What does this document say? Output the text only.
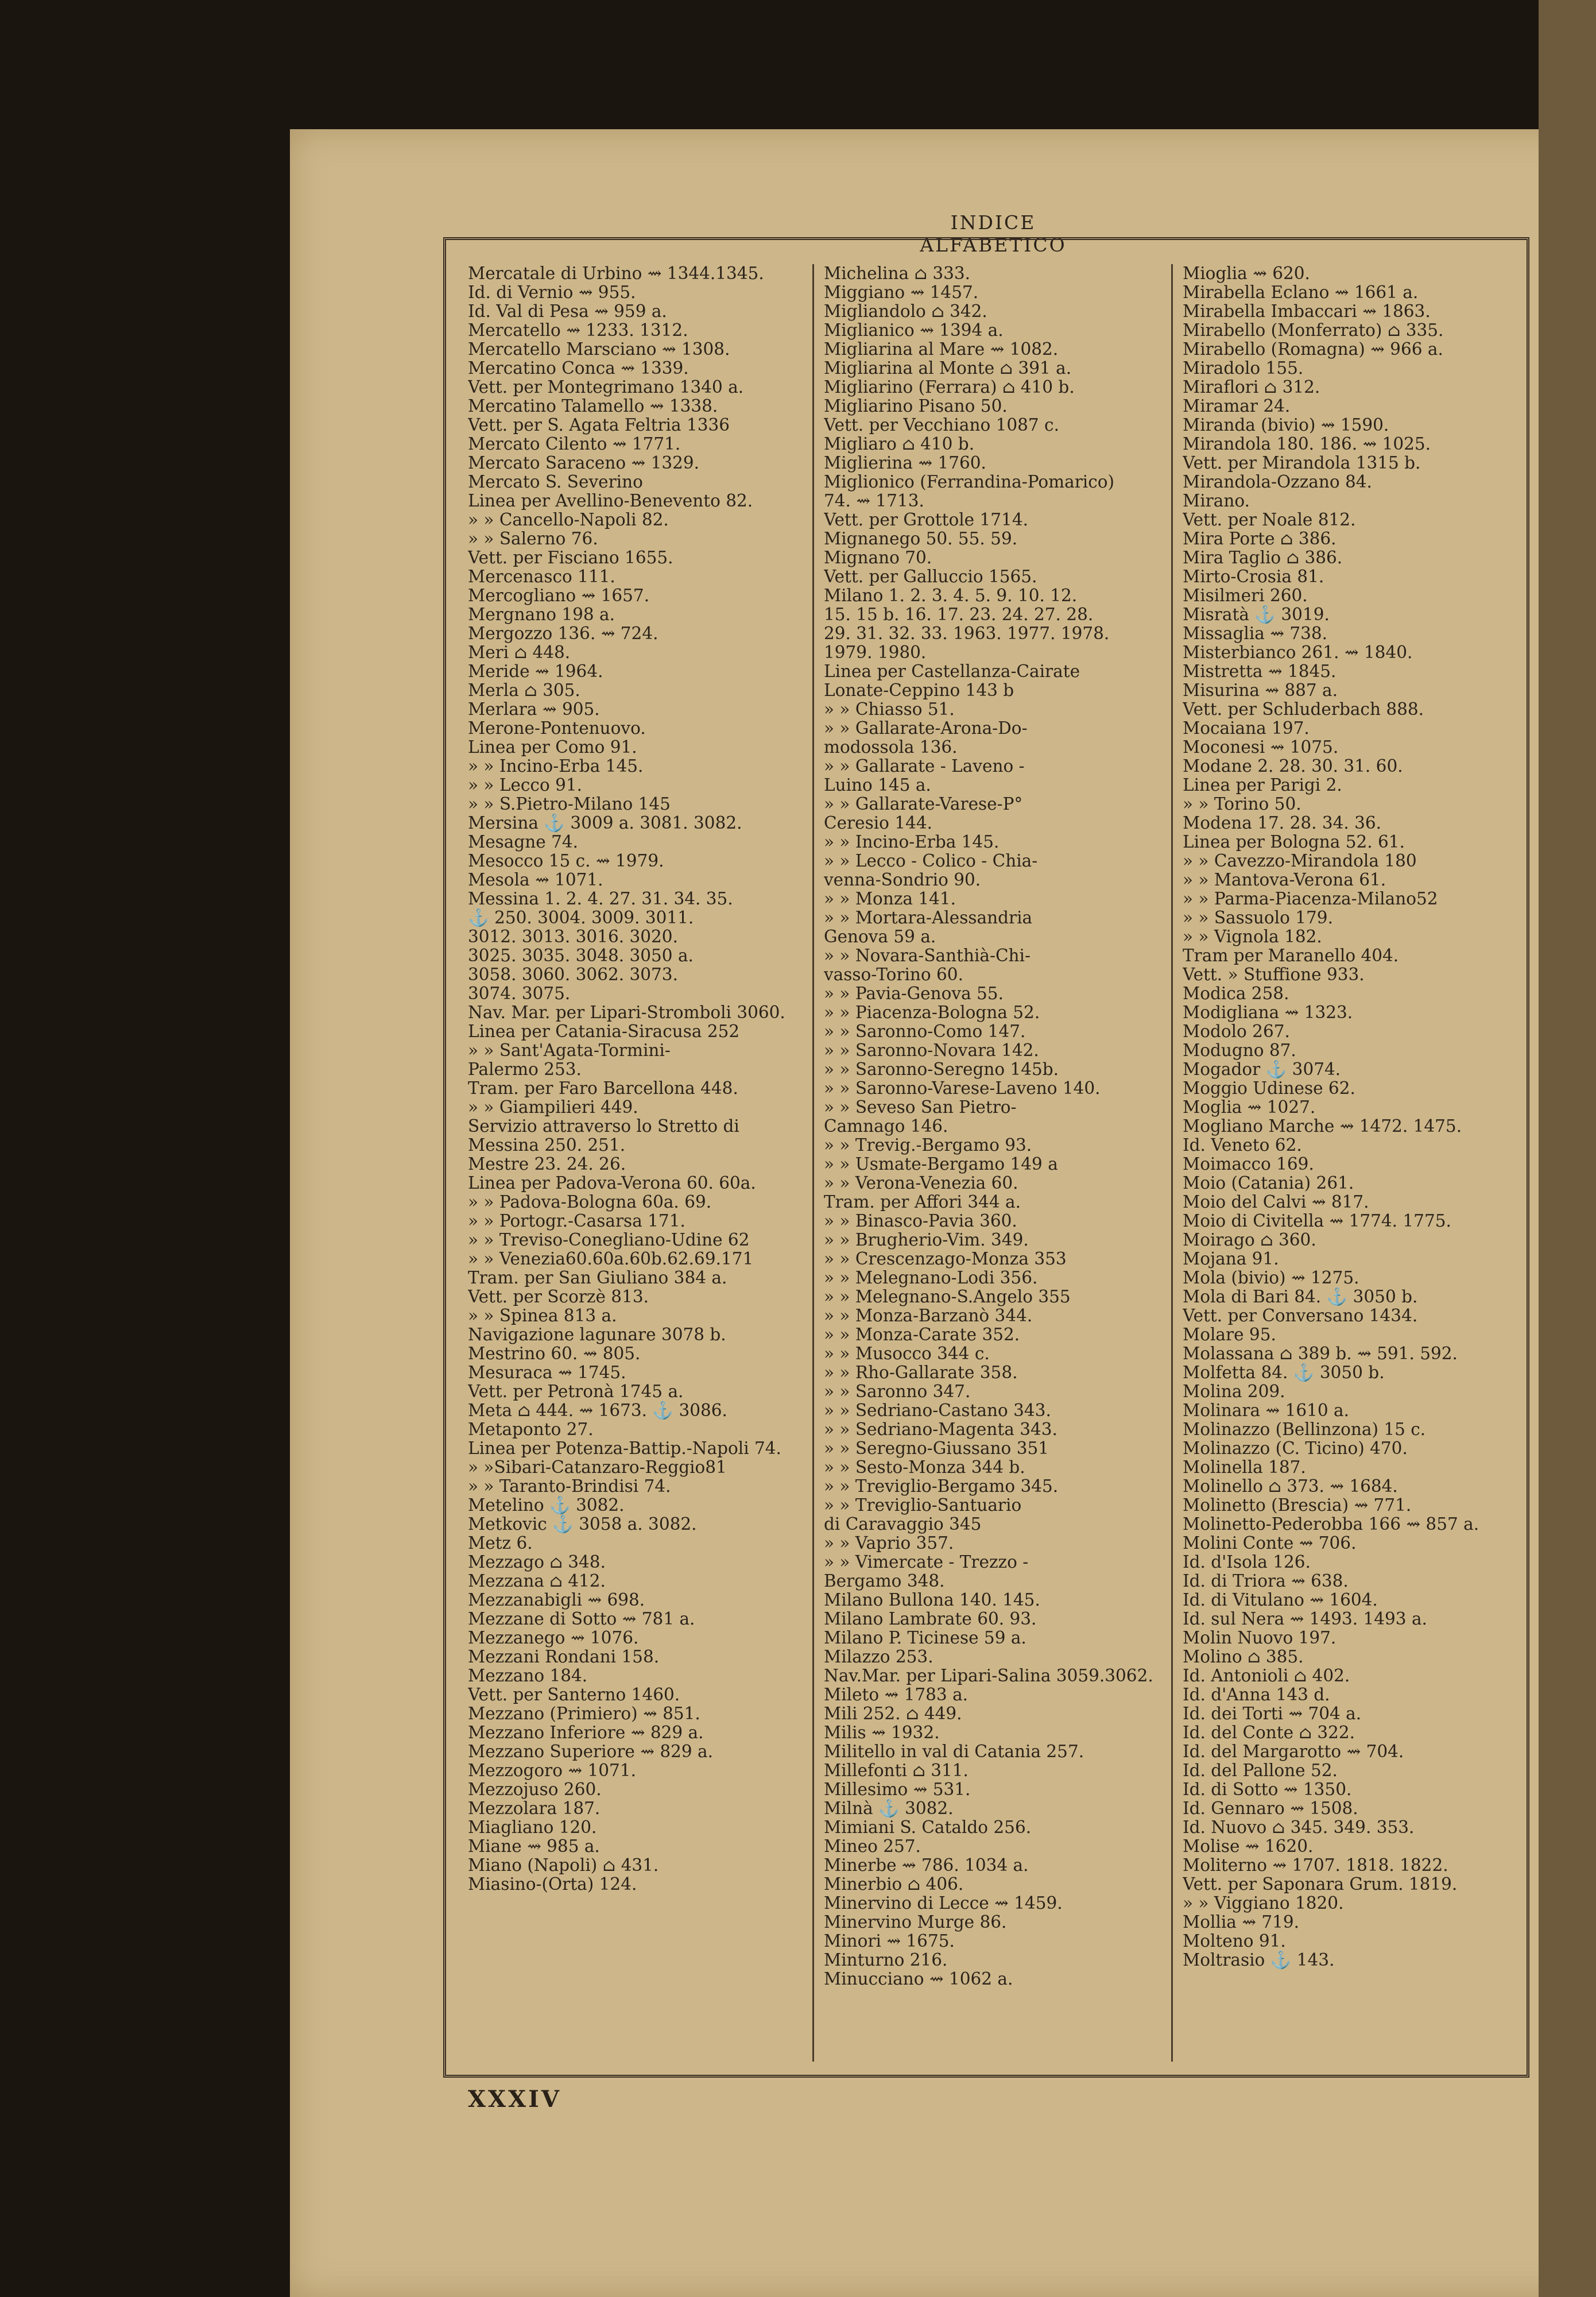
INDICE ALFABETICO
Mercatale di Urbino ⇝ 1344.1345.
Id. di Vernio ⇝ 955.
Id. Val di Pesa ⇝ 959 a.
Mercatello ⇝ 1233. 1312.
Mercatello Marsciano ⇝ 1308.
Mercatino Conca ⇝ 1339.
Vett. per Montegrimano 1340 a.
Mercatino Talamello ⇝ 1338.
Vett. per S. Agata Feltria 1336
Mercato Cilento ⇝ 1771.
Mercato Saraceno ⇝ 1329.
Mercato S. Severino
Linea per Avellino-Benevento 82.
» » Cancello-Napoli 82.
» » Salerno 76.
Vett. per Fisciano 1655.
Mercenasco 111.
Mercogliano ⇝ 1657.
Mergnano 198 a.
Mergozzo 136. ⇝ 724.
Meri ⌂ 448.
Meride ⇝ 1964.
Merla ⌂ 305.
Merlara ⇝ 905.
Merone-Pontenuovo.
Linea per Como 91.
» » Incino-Erba 145.
» » Lecco 91.
» » S.Pietro-Milano 145
Mersina ⚓ 3009 a. 3081. 3082.
Mesagne 74.
Mesocco 15 c. ⇝ 1979.
Mesola ⇝ 1071.
Messina 1. 2. 4. 27. 31. 34. 35.
⚓ 250. 3004. 3009. 3011.
3012. 3013. 3016. 3020.
3025. 3035. 3048. 3050 a.
3058. 3060. 3062. 3073.
3074. 3075.
Nav. Mar. per Lipari-Stromboli 3060.
Linea per Catania-Siracusa 252
» » Sant'Agata-Tormini-
Palermo 253.
Tram. per Faro Barcellona 448.
» » Giampilieri 449.
Servizio attraverso lo Stretto di
Messina 250. 251.
Mestre 23. 24. 26.
Linea per Padova-Verona 60. 60a.
» » Padova-Bologna 60a. 69.
» » Portogr.-Casarsa 171.
» » Treviso-Conegliano-Udine 62
» » Venezia60.60a.60b.62.69.171
Tram. per San Giuliano 384 a.
Vett. per Scorzè 813.
» » Spinea 813 a.
Navigazione lagunare 3078 b.
Mestrino 60. ⇝ 805.
Mesuraca ⇝ 1745.
Vett. per Petronà 1745 a.
Meta ⌂ 444. ⇝ 1673. ⚓ 3086.
Metaponto 27.
Linea per Potenza-Battip.-Napoli 74.
» »Sibari-Catanzaro-Reggio81
» » Taranto-Brindisi 74.
Metelino ⚓ 3082.
Metkovic ⚓ 3058 a. 3082.
Metz 6.
Mezzago ⌂ 348.
Mezzana ⌂ 412.
Mezzanabigli ⇝ 698.
Mezzane di Sotto ⇝ 781 a.
Mezzanego ⇝ 1076.
Mezzani Rondani 158.
Mezzano 184.
Vett. per Santerno 1460.
Mezzano (Primiero) ⇝ 851.
Mezzano Inferiore ⇝ 829 a.
Mezzano Superiore ⇝ 829 a.
Mezzogoro ⇝ 1071.
Mezzojuso 260.
Mezzolara 187.
Miagliano 120.
Miane ⇝ 985 a.
Miano (Napoli) ⌂ 431.
Miasino-(Orta) 124.
Michelina ⌂ 333.
Miggiano ⇝ 1457.
Migliandolo ⌂ 342.
Miglianico ⇝ 1394 a.
Migliarina al Mare ⇝ 1082.
Migliarina al Monte ⌂ 391 a.
Migliarino (Ferrara) ⌂ 410 b.
Migliarino Pisano 50.
Vett. per Vecchiano 1087 c.
Migliaro ⌂ 410 b.
Miglierina ⇝ 1760.
Miglionico (Ferrandina-Pomarico)
74. ⇝ 1713.
Vett. per Grottole 1714.
Mignanego 50. 55. 59.
Mignano 70.
Vett. per Galluccio 1565.
Milano 1. 2. 3. 4. 5. 9. 10. 12.
15. 15 b. 16. 17. 23. 24. 27. 28.
29. 31. 32. 33. 1963. 1977. 1978.
1979. 1980.
Linea per Castellanza-Cairate
Lonate-Ceppino 143 b
» » Chiasso 51.
» » Gallarate-Arona-Do-
modossola 136.
» » Gallarate - Laveno -
Luino 145 a.
» » Gallarate-Varese-P°
Ceresio 144.
» » Incino-Erba 145.
» » Lecco - Colico - Chia-
venna-Sondrio 90.
» » Monza 141.
» » Mortara-Alessandria
Genova 59 a.
» » Novara-Santhià-Chi-
vasso-Torino 60.
» » Pavia-Genova 55.
» » Piacenza-Bologna 52.
» » Saronno-Como 147.
» » Saronno-Novara 142.
» » Saronno-Seregno 145b.
» » Saronno-Varese-Laveno 140.
» » Seveso San Pietro-
Camnago 146.
» » Trevig.-Bergamo 93.
» » Usmate-Bergamo 149 a
» » Verona-Venezia 60.
Tram. per Affori 344 a.
» » Binasco-Pavia 360.
» » Brugherio-Vim. 349.
» » Crescenzago-Monza 353
» » Melegnano-Lodi 356.
» » Melegnano-S.Angelo 355
» » Monza-Barzanò 344.
» » Monza-Carate 352.
» » Musocco 344 c.
» » Rho-Gallarate 358.
» » Saronno 347.
» » Sedriano-Castano 343.
» » Sedriano-Magenta 343.
» » Seregno-Giussano 351
» » Sesto-Monza 344 b.
» » Treviglio-Bergamo 345.
» » Treviglio-Santuario
di Caravaggio 345
» » Vaprio 357.
» » Vimercate - Trezzo -
Bergamo 348.
Milano Bullona 140. 145.
Milano Lambrate 60. 93.
Milano P. Ticinese 59 a.
Milazzo 253.
Nav.Mar. per Lipari-Salina 3059.3062.
Mileto ⇝ 1783 a.
Mili 252. ⌂ 449.
Milis ⇝ 1932.
Militello in val di Catania 257.
Millefonti ⌂ 311.
Millesimo ⇝ 531.
Milnà ⚓ 3082.
Mimiani S. Cataldo 256.
Mineo 257.
Minerbe ⇝ 786. 1034 a.
Minerbio ⌂ 406.
Minervino di Lecce ⇝ 1459.
Minervino Murge 86.
Minori ⇝ 1675.
Minturno 216.
Minucciano ⇝ 1062 a.
Mioglia ⇝ 620.
Mirabella Eclano ⇝ 1661 a.
Mirabella Imbaccari ⇝ 1863.
Mirabello (Monferrato) ⌂ 335.
Mirabello (Romagna) ⇝ 966 a.
Miradolo 155.
Miraflori ⌂ 312.
Miramar 24.
Miranda (bivio) ⇝ 1590.
Mirandola 180. 186. ⇝ 1025.
Vett. per Mirandola 1315 b.
Mirandola-Ozzano 84.
Mirano.
Vett. per Noale 812.
Mira Porte ⌂ 386.
Mira Taglio ⌂ 386.
Mirto-Crosia 81.
Misilmeri 260.
Misratà ⚓ 3019.
Missaglia ⇝ 738.
Misterbianco 261. ⇝ 1840.
Mistretta ⇝ 1845.
Misurina ⇝ 887 a.
Vett. per Schluderbach 888.
Mocaiana 197.
Moconesi ⇝ 1075.
Modane 2. 28. 30. 31. 60.
Linea per Parigi 2.
» » Torino 50.
Modena 17. 28. 34. 36.
Linea per Bologna 52. 61.
» » Cavezzo-Mirandola 180
» » Mantova-Verona 61.
» » Parma-Piacenza-Milano52
» » Sassuolo 179.
» » Vignola 182.
Tram per Maranello 404.
Vett. » Stuffione 933.
Modica 258.
Modigliana ⇝ 1323.
Modolo 267.
Modugno 87.
Mogador ⚓ 3074.
Moggio Udinese 62.
Moglia ⇝ 1027.
Mogliano Marche ⇝ 1472. 1475.
Id. Veneto 62.
Moimacco 169.
Moio (Catania) 261.
Moio del Calvi ⇝ 817.
Moio di Civitella ⇝ 1774. 1775.
Moirago ⌂ 360.
Mojana 91.
Mola (bivio) ⇝ 1275.
Mola di Bari 84. ⚓ 3050 b.
Vett. per Conversano 1434.
Molare 95.
Molassana ⌂ 389 b. ⇝ 591. 592.
Molfetta 84. ⚓ 3050 b.
Molina 209.
Molinara ⇝ 1610 a.
Molinazzo (Bellinzona) 15 c.
Molinazzo (C. Ticino) 470.
Molinella 187.
Molinello ⌂ 373. ⇝ 1684.
Molinetto (Brescia) ⇝ 771.
Molinetto-Pederobba 166 ⇝ 857 a.
Molini Conte ⇝ 706.
Id. d'Isola 126.
Id. di Triora ⇝ 638.
Id. di Vitulano ⇝ 1604.
Id. sul Nera ⇝ 1493. 1493 a.
Molin Nuovo 197.
Molino ⌂ 385.
Id. Antonioli ⌂ 402.
Id. d'Anna 143 d.
Id. dei Torti ⇝ 704 a.
Id. del Conte ⌂ 322.
Id. del Margarotto ⇝ 704.
Id. del Pallone 52.
Id. di Sotto ⇝ 1350.
Id. Gennaro ⇝ 1508.
Id. Nuovo ⌂ 345. 349. 353.
Molise ⇝ 1620.
Moliterno ⇝ 1707. 1818. 1822.
Vett. per Saponara Grum. 1819.
» » Viggiano 1820.
Mollia ⇝ 719.
Molteno 91.
Moltrasio ⚓ 143.
XXXIV
